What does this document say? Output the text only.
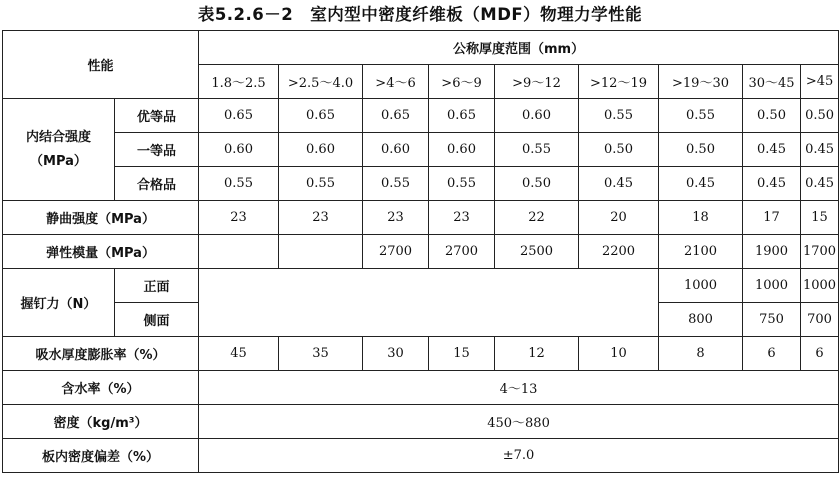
表5.2.6－2　室内型中密度纤维板（MDF）物理力学性能
性能		公称厚度范围（mm）								
		1.8～2.5	>2.5～4.0	>4～6	>6～9	>9～12	>12～19	>19～30	30～45	>45
内结合强度（MPa）	优等品	0.65	0.65	0.65	0.65	0.60	0.55	0.55	0.50	0.50
	一等品	0.60	0.60	0.60	0.60	0.55	0.50	0.50	0.45	0.45
	合格品	0.55	0.55	0.55	0.55	0.50	0.45	0.45	0.45	0.45
静曲强度（MPa）		23	23	23	23	22	20	18	17	15
弹性模量（MPa）				2700	2700	2500	2200	2100	1900	1700
握钉力（N）	正面							1000	1000	1000
	侧面							800	750	700
吸水厚度膨胀率（%）		45	35	30	15	12	10	8	6	6
含水率（%）		4～13								
密度（kg/m³）		450～880								
板内密度偏差（%）		±7.0								
